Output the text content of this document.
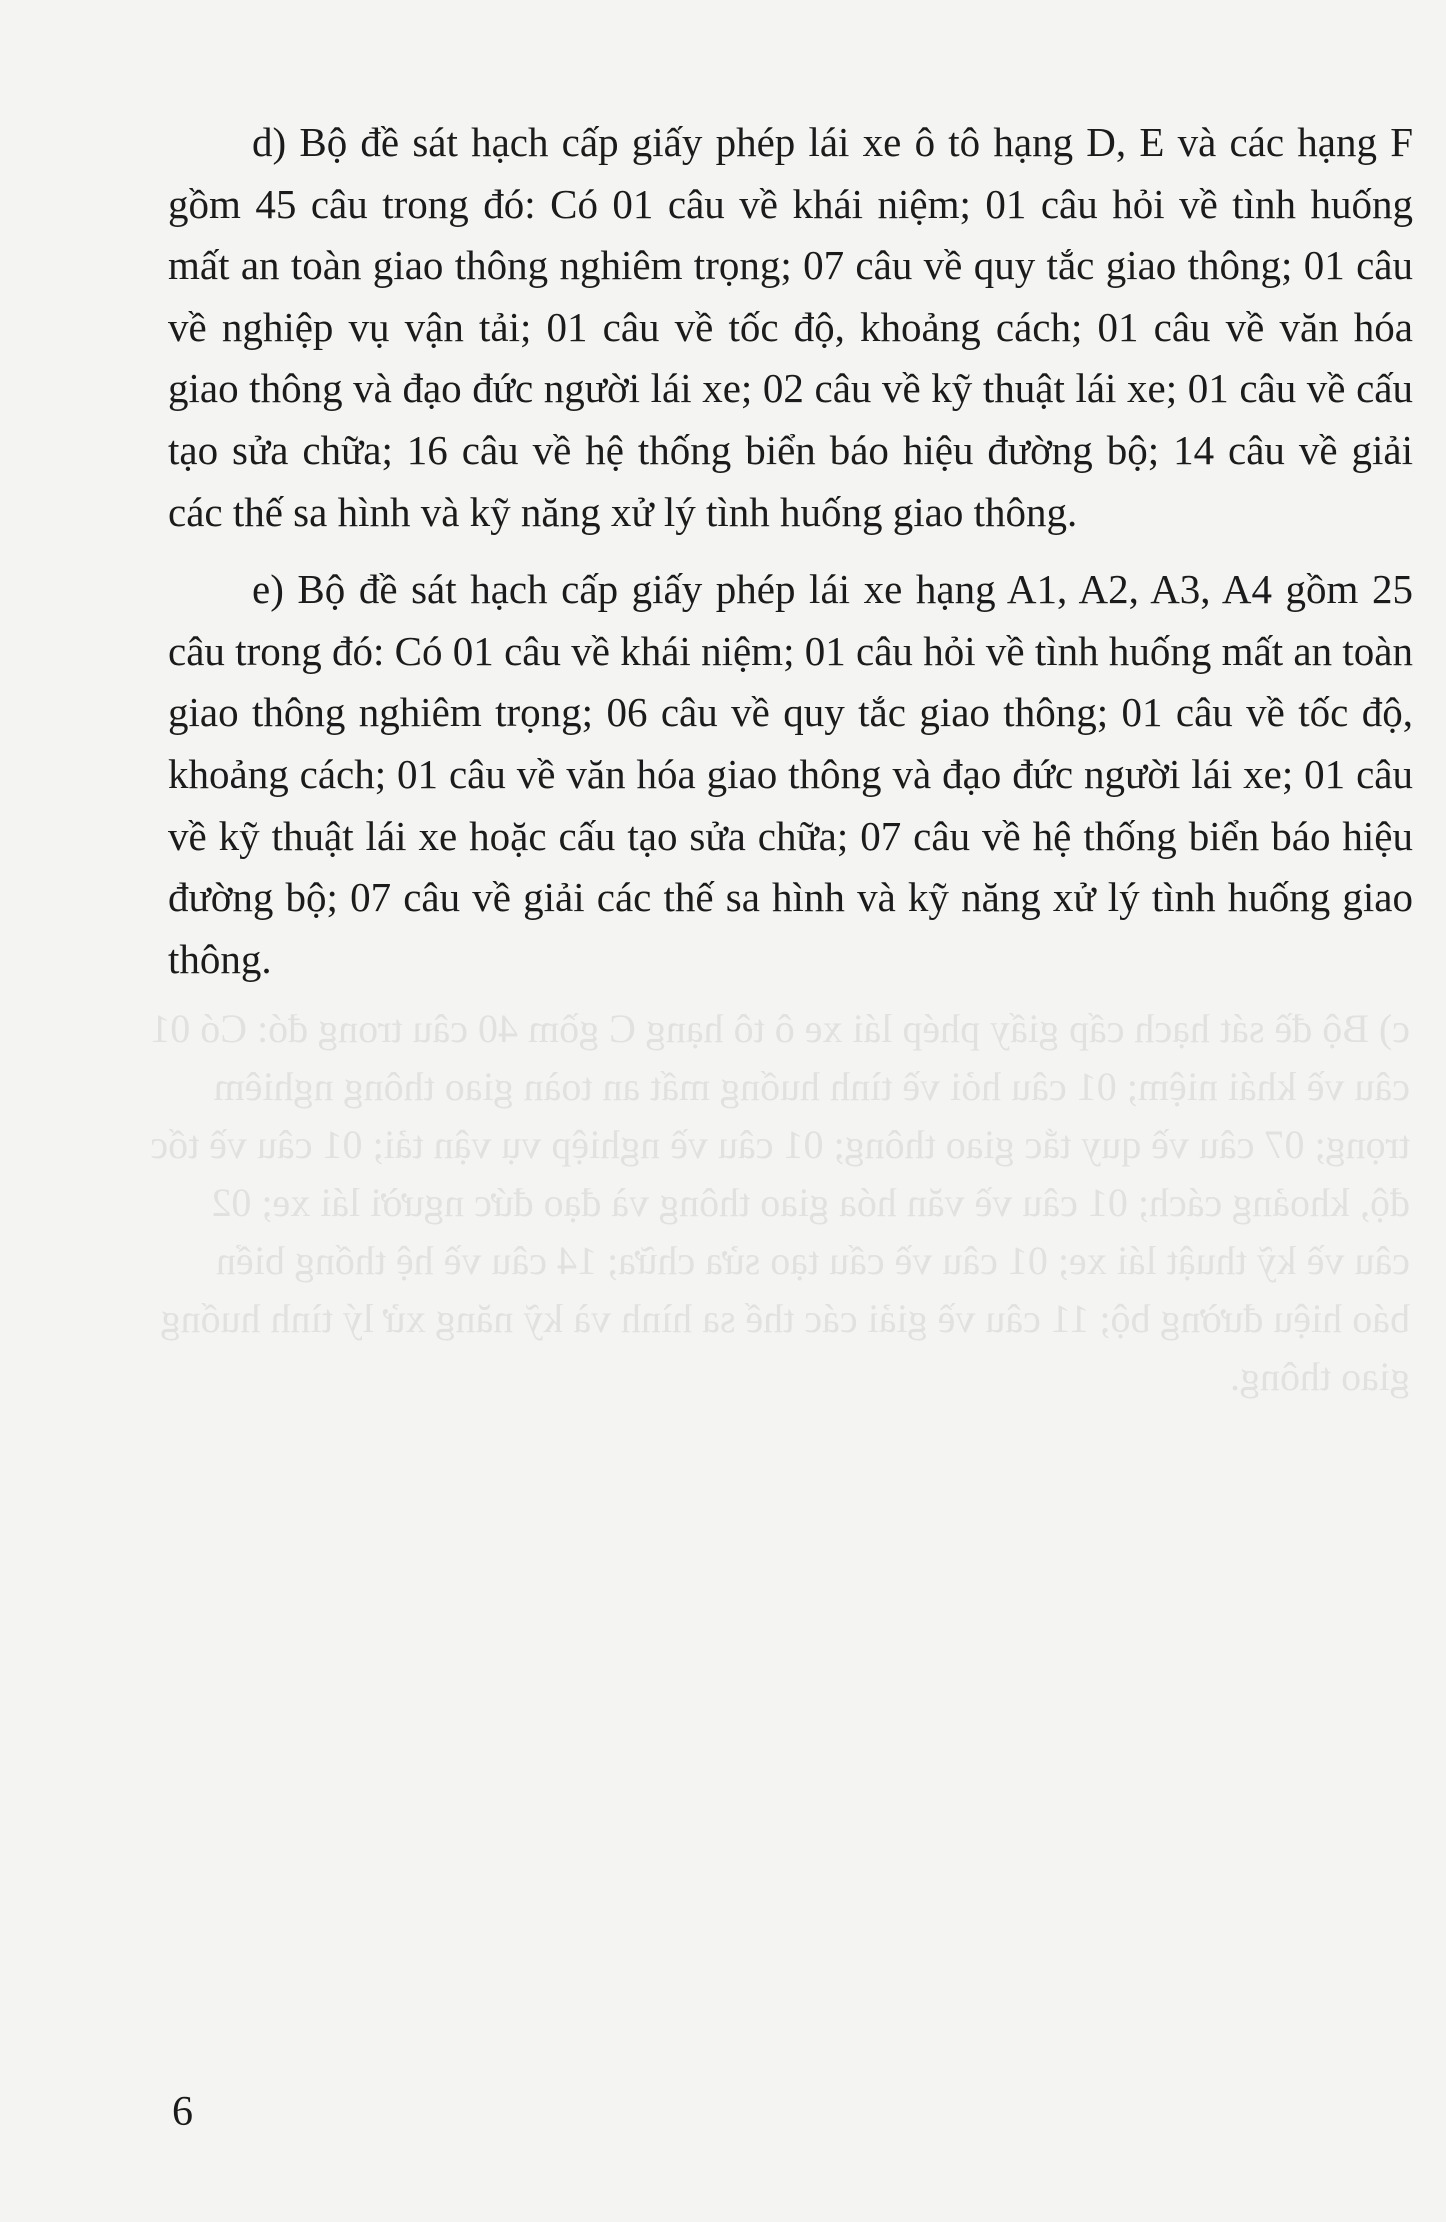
c) Bộ đề sát hạch cấp giấy phép lái xe ô tô hạng C gồm 40 câu trong đó: Có 01 câu về khái niệm; 01 câu hỏi về tình huống mất an toàn giao thông nghiêm trọng; 07 câu về quy tắc giao thông; 01 câu về nghiệp vụ vận tải; 01 câu về tốc độ, khoảng cách; 01 câu về văn hóa giao thông và đạo đức người lái xe; 02 câu về kỹ thuật lái xe; 01 câu về cấu tạo sửa chữa; 14 câu về hệ thống biển báo hiệu đường bộ; 11 câu về giải các thế sa hình và kỹ năng xử lý tình huống giao thông.

d) Bộ đề sát hạch cấp giấy phép lái xe ô tô hạng D, E và các hạng F gồm 45 câu trong đó: Có 01 câu về khái niệm; 01 câu hỏi về tình huống mất an toàn giao thông nghiêm trọng; 07 câu về quy tắc giao thông; 01 câu về nghiệp vụ vận tải; 01 câu về tốc độ, khoảng cách; 01 câu về văn hóa giao thông và đạo đức người lái xe; 02 câu về kỹ thuật lái xe; 01 câu về cấu tạo sửa chữa; 16 câu về hệ thống biển báo hiệu đường bộ; 14 câu về giải các thế sa hình và kỹ năng xử lý tình huống giao thông.

e) Bộ đề sát hạch cấp giấy phép lái xe hạng A1, A2, A3, A4 gồm 25 câu trong đó: Có 01 câu về khái niệm; 01 câu hỏi về tình huống mất an toàn giao thông nghiêm trọng; 06 câu về quy tắc giao thông; 01 câu về tốc độ, khoảng cách; 01 câu về văn hóa giao thông và đạo đức người lái xe; 01 câu về kỹ thuật lái xe hoặc cấu tạo sửa chữa; 07 câu về hệ thống biển báo hiệu đường bộ; 07 câu về giải các thế sa hình và kỹ năng xử lý tình huống giao thông.

6
